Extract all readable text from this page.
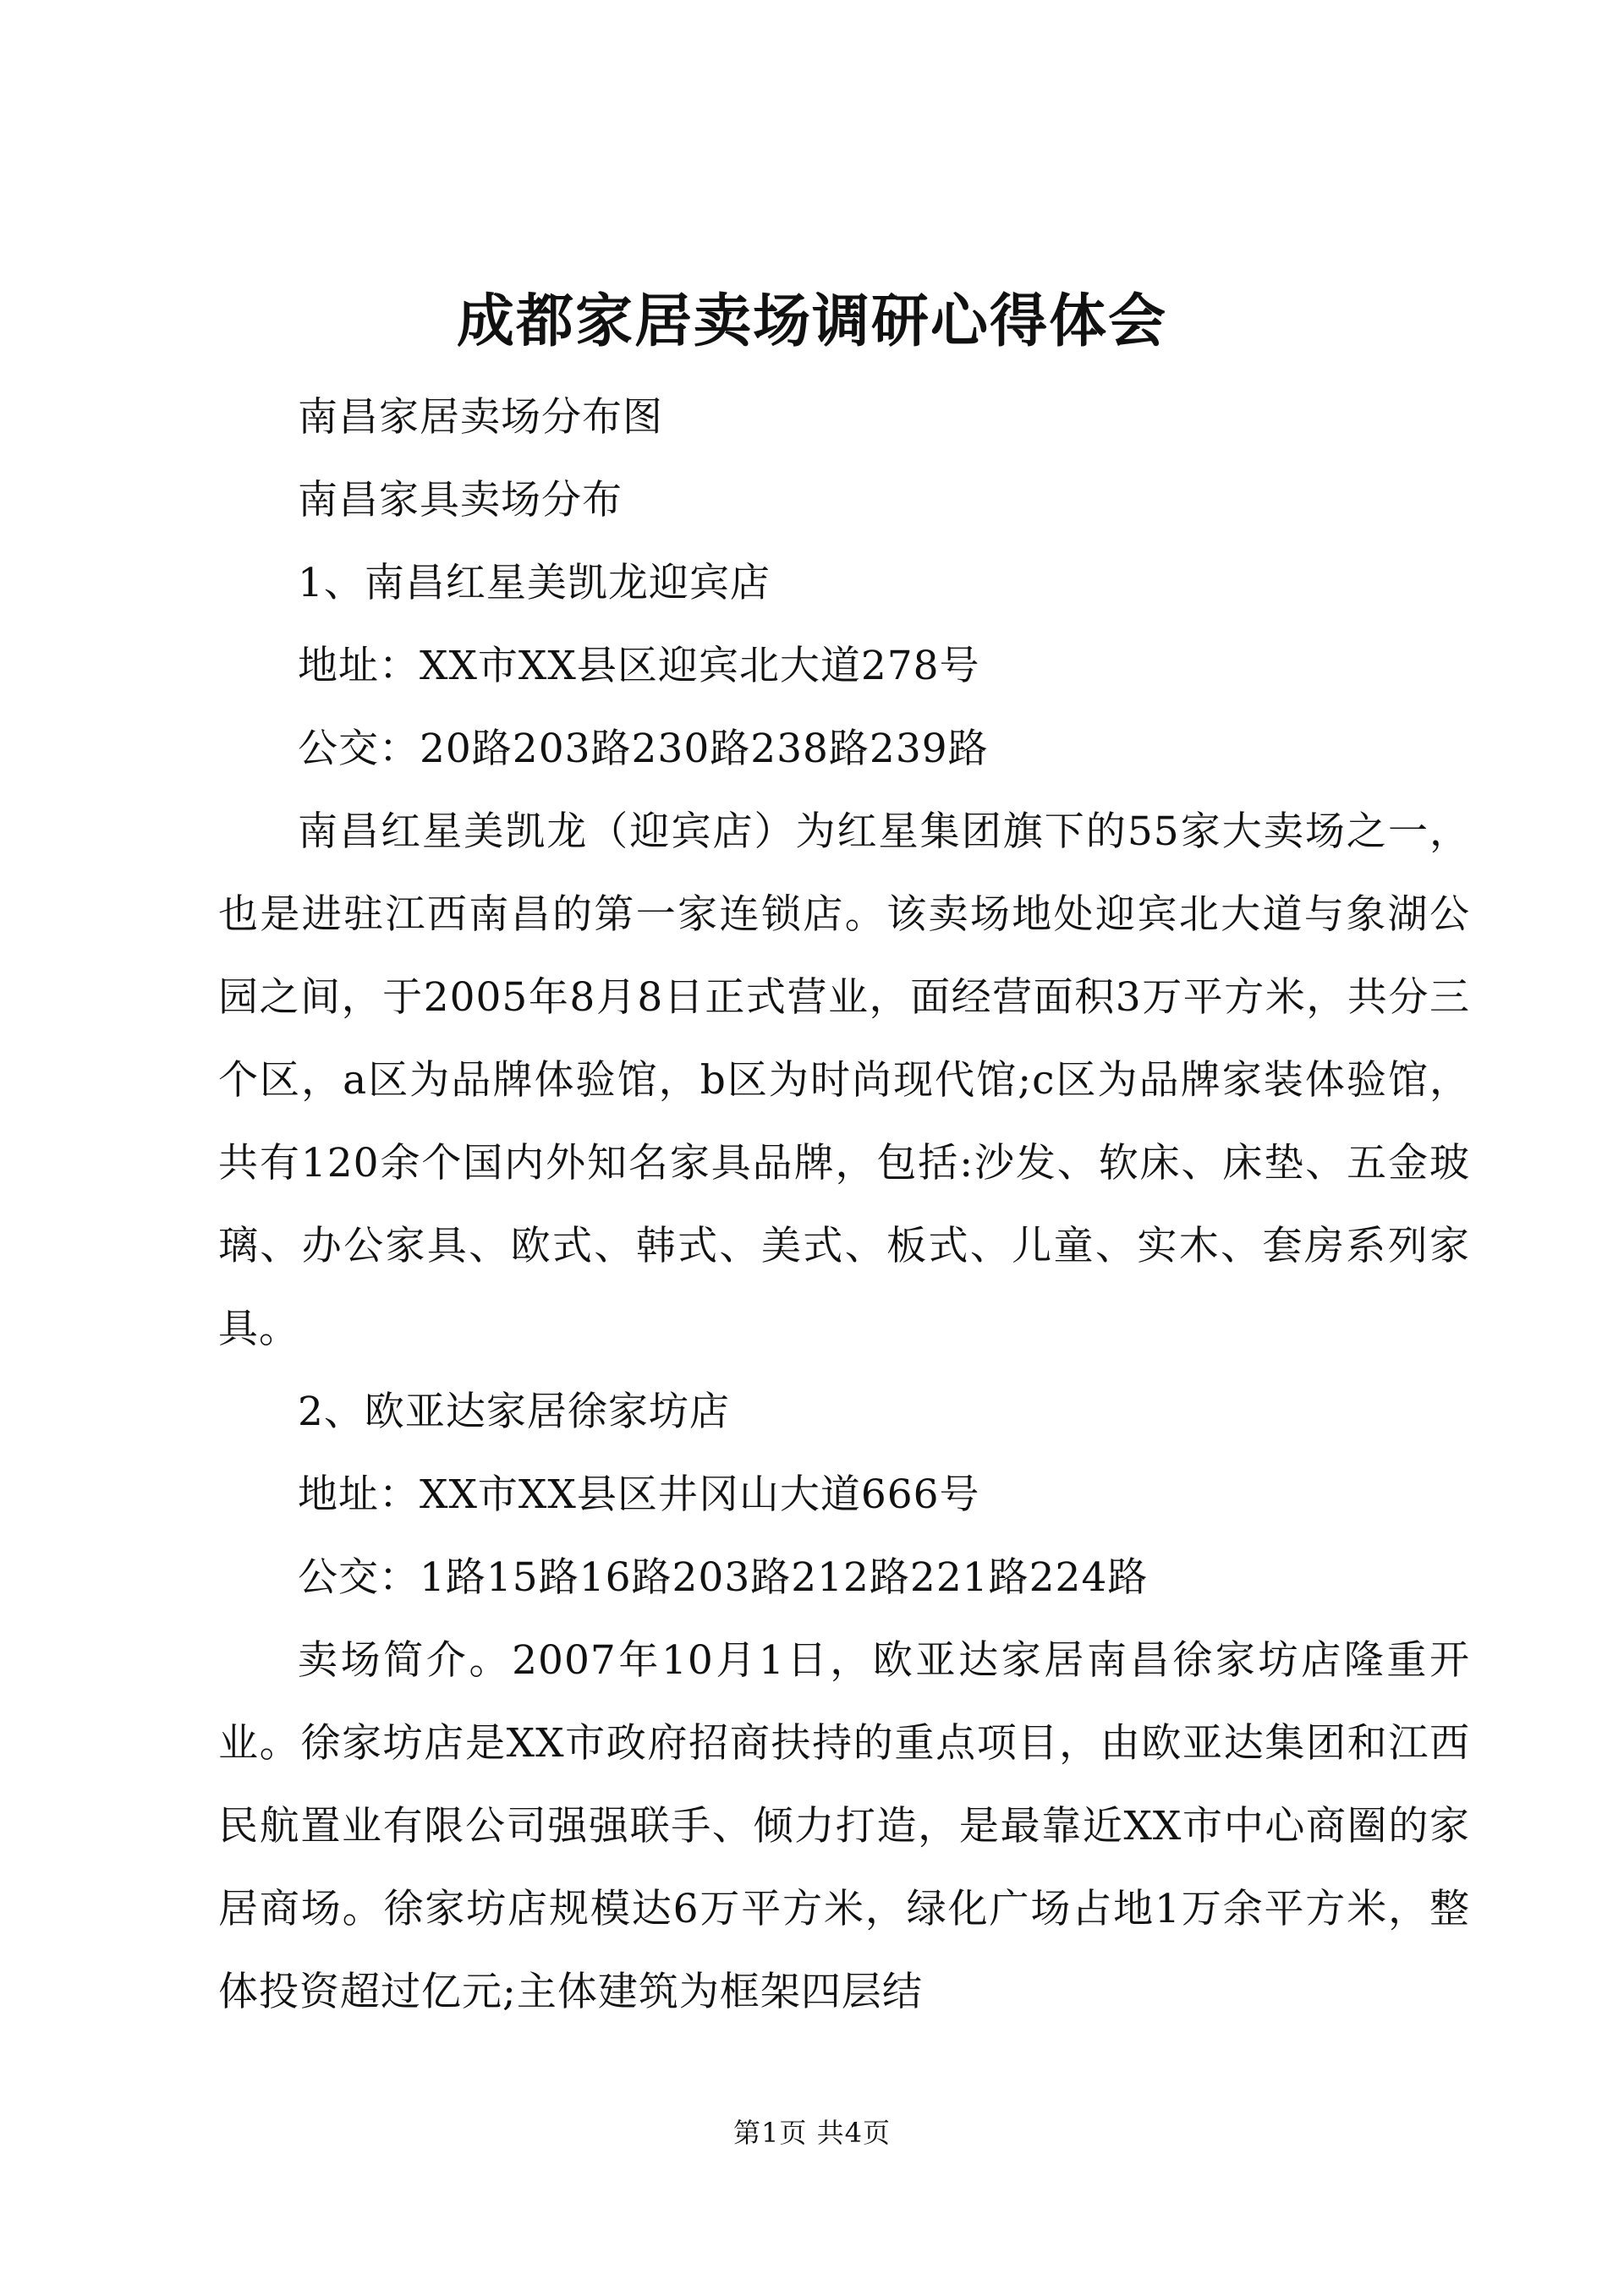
成都家居卖场调研心得体会

南昌家居卖场分布图

南昌家具卖场分布

1、南昌红星美凯龙迎宾店

地址：XX市XX县区迎宾北大道278号

公交：20路203路230路238路239路

南昌红星美凯龙（迎宾店）为红星集团旗下的55家大卖场之一，也是进驻江西南昌的第一家连锁店。该卖场地处迎宾北大道与象湖公园之间，于2005年8月8日正式营业，面经营面积3万平方米，共分三个区，a区为品牌体验馆，b区为时尚现代馆;c区为品牌家装体验馆，共有120余个国内外知名家具品牌，包括:沙发、软床、床垫、五金玻璃、办公家具、欧式、韩式、美式、板式、儿童、实木、套房系列家具。

2、欧亚达家居徐家坊店

地址：XX市XX县区井冈山大道666号

公交：1路15路16路203路212路221路224路

卖场简介。2007年10月1日，欧亚达家居南昌徐家坊店隆重开业。徐家坊店是XX市政府招商扶持的重点项目，由欧亚达集团和江西民航置业有限公司强强联手、倾力打造，是最靠近XX市中心商圈的家居商场。徐家坊店规模达6万平方米，绿化广场占地1万余平方米，整体投资超过亿元;主体建筑为框架四层结

第1页 共4页
